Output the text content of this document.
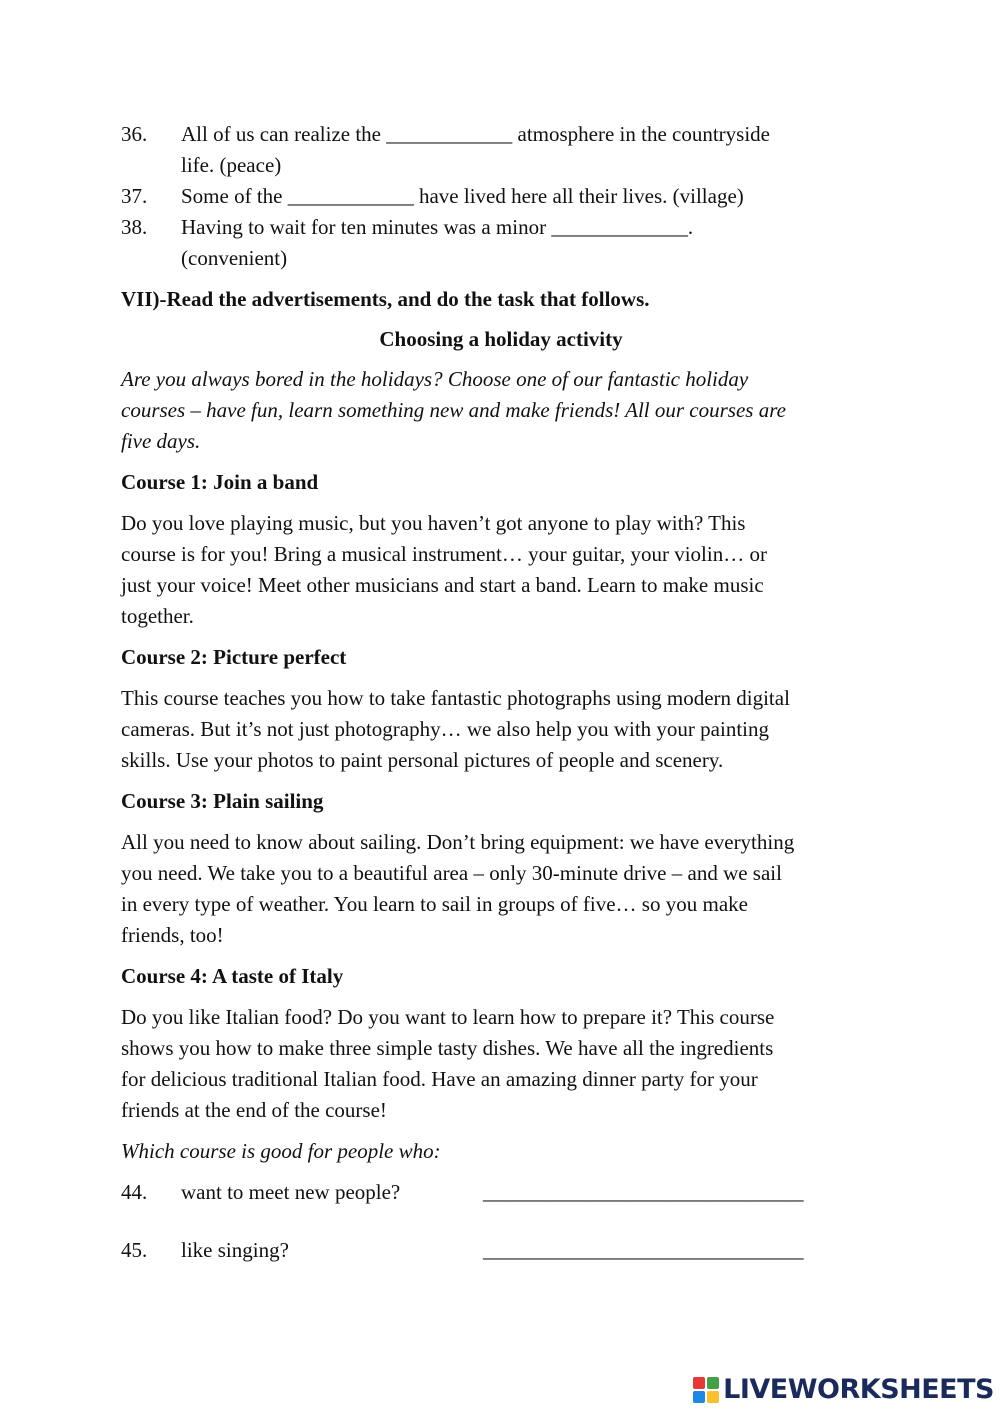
36. All of us can realize the ____________ atmosphere in the countryside
life. (peace)
37. Some of the ____________ have lived here all their lives. (village)
38. Having to wait for ten minutes was a minor _____________.
(convenient)

VII)-Read the advertisements, and do the task that follows.

Choosing a holiday activity

Are you always bored in the holidays? Choose one of our fantastic holiday
courses – have fun, learn something new and make friends! All our courses are
five days.

Course 1: Join a band

Do you love playing music, but you haven’t got anyone to play with? This
course is for you! Bring a musical instrument… your guitar, your violin… or
just your voice! Meet other musicians and start a band. Learn to make music
together.

Course 2: Picture perfect

This course teaches you how to take fantastic photographs using modern digital
cameras. But it’s not just photography… we also help you with your painting
skills. Use your photos to paint personal pictures of people and scenery.

Course 3: Plain sailing

All you need to know about sailing. Don’t bring equipment: we have everything
you need. We take you to a beautiful area – only 30-minute drive – and we sail
in every type of weather. You learn to sail in groups of five… so you make
friends, too!

Course 4: A taste of Italy

Do you like Italian food? Do you want to learn how to prepare it? This course
shows you how to make three simple tasty dishes. We have all the ingredients
for delicious traditional Italian food. Have an amazing dinner party for your
friends at the end of the course!

Which course is good for people who:

44. want to meet new people?	________________________________
45. like singing?	________________________________
LIVEWORKSHEETS
